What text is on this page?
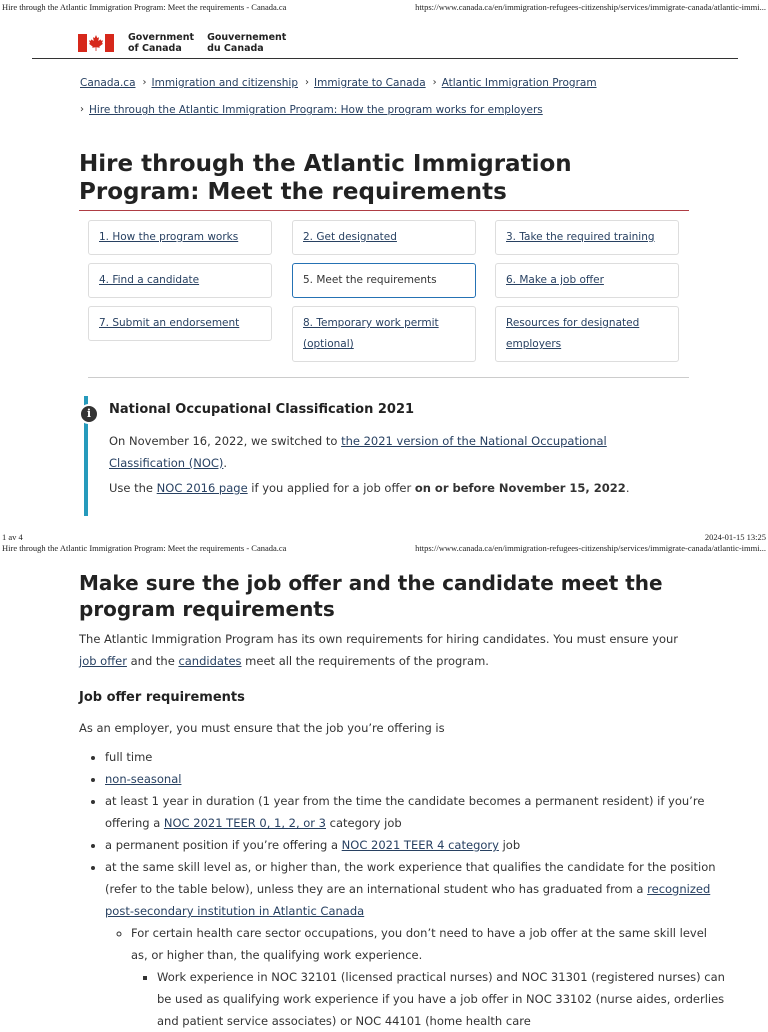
Hire through the Atlantic Immigration Program: Meet the requirements - Canada.ca	https://www.canada.ca/en/immigration-refugees-citizenship/services/immigrate-canada/atlantic-immi...
Government
of Canada
Gouvernement
du Canada
Canada.ca › Immigration and citizenship › Immigrate to Canada › Atlantic Immigration Program
› Hire through the Atlantic Immigration Program: How the program works for employers
Hire through the Atlantic Immigration Program: Meet the requirements
1. How the program works	2. Get designated	3. Take the required training
4. Find a candidate	5. Meet the requirements	6. Make a job offer
7. Submit an endorsement	8. Temporary work permit (optional)
Resources for designated employers
i	National Occupational Classification 2021

On November 16, 2022, we switched to the 2021 version of the National Occupational Classification (NOC).

Use the NOC 2016 page if you applied for a job offer on or before November 15, 2022.

1 av 4	2024-01-15 13:25
Hire through the Atlantic Immigration Program: Meet the requirements - Canada.ca	https://www.canada.ca/en/immigration-refugees-citizenship/services/immigrate-canada/atlantic-immi...
Make sure the job offer and the candidate meet the program requirements

The Atlantic Immigration Program has its own requirements for hiring candidates. You must ensure your job offer and the candidates meet all the requirements of the program.

Job offer requirements

As an employer, you must ensure that the job you’re offering is

• full time
• non-seasonal
• at least 1 year in duration (1 year from the time the candidate becomes a permanent resident) if you’re offering a NOC 2021 TEER 0, 1, 2, or 3 category job
• a permanent position if you’re offering a NOC 2021 TEER 4 category job
• at the same skill level as, or higher than, the work experience that qualifies the candidate for the position (refer to the table below), unless they are an international student who has graduated from a recognized post-secondary institution in Atlantic Canada
◦ For certain health care sector occupations, you don’t need to have a job offer at the same skill level as, or higher than, the qualifying work experience.
▪ Work experience in NOC 32101 (licensed practical nurses) and NOC 31301 (registered nurses) can be used as qualifying work experience if you have a job offer in NOC 33102 (nurse aides, orderlies and patient service associates) or NOC 44101 (home health care
